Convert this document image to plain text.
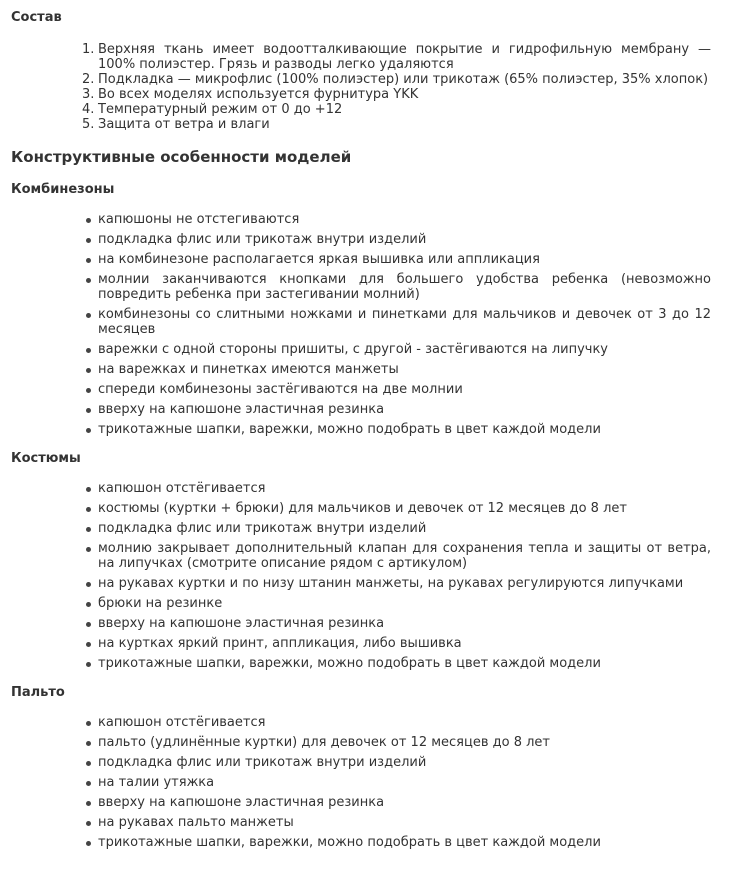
Состав
1. Верхняя ткань имеет водоотталкивающие покрытие и гидрофильную мембрану — 100% полиэстер. Грязь и разводы легко удаляются
2. Подкладка — микрофлис (100% полиэстер) или трикотаж (65% полиэстер, 35% хлопок)
3. Во всех моделях используется фурнитура YKK
4. Температурный режим от 0 до +12
5. Защита от ветра и влаги
Конструктивные особенности моделей
Комбинезоны
капюшоны не отстегиваются
подкладка флис или трикотаж внутри изделий
на комбинезоне располагается яркая вышивка или аппликация
молнии заканчиваются кнопками для большего удобства ребенка (невозможно повредить ребенка при застегивании молний)
комбинезоны со слитными ножками и пинетками для мальчиков и девочек от 3 до 12 месяцев
варежки с одной стороны пришиты, с другой - застёгиваются на липучку
на варежках и пинетках имеются манжеты
спереди комбинезоны застёгиваются на две молнии
вверху на капюшоне эластичная резинка
трикотажные шапки, варежки, можно подобрать в цвет каждой модели
Костюмы
капюшон отстёгивается
костюмы (куртки + брюки) для мальчиков и девочек от 12 месяцев до 8 лет
подкладка флис или трикотаж внутри изделий
молнию закрывает дополнительный клапан для сохранения тепла и защиты от ветра, на липучках (смотрите описание рядом с артикулом)
на рукавах куртки и по низу штанин манжеты, на рукавах регулируются липучками
брюки на резинке
вверху на капюшоне эластичная резинка
на куртках яркий принт, аппликация, либо вышивка
трикотажные шапки, варежки, можно подобрать в цвет каждой модели
Пальто
капюшон отстёгивается
пальто (удлинённые куртки) для девочек от 12 месяцев до 8 лет
подкладка флис или трикотаж внутри изделий
на талии утяжка
вверху на капюшоне эластичная резинка
на рукавах пальто манжеты
трикотажные шапки, варежки, можно подобрать в цвет каждой модели
